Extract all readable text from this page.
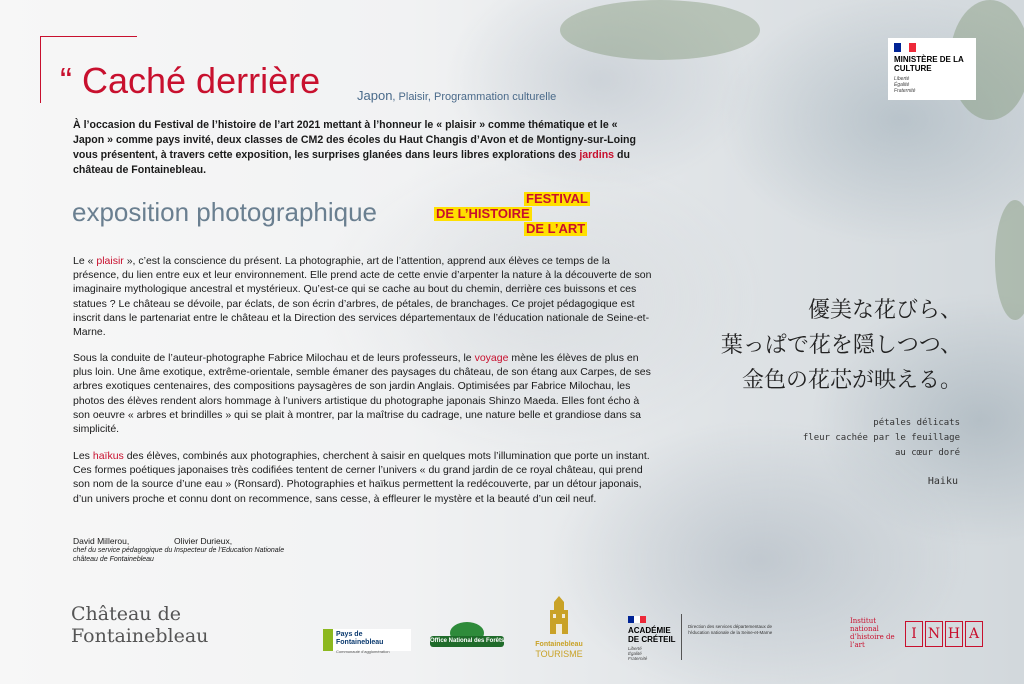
“ Caché derrière	Japon, Plaisir, Programmation culturelle
À l’occasion du Festival de l’histoire de l’art 2021 mettant à l’honneur le « plaisir » comme thématique et le « Japon » comme pays invité, deux classes de CM2 des écoles du Haut Changis d’Avon et de Montigny-sur-Loing vous présentent, à travers cette exposition, les surprises glanées dans leurs libres explorations des jardins du château de Fontainebleau.
exposition photographique	FESTIVAL
DE L’HISTOIRE
DE L’ART

Le « plaisir », c’est la conscience du présent. La photographie, art de l’attention, apprend aux élèves ce temps de la présence, du lien entre eux et leur environnement. Elle prend acte de cette envie d’arpenter la nature à la découverte de son imaginaire mythologique ancestral et mystérieux. Qu’est-ce qui se cache au bout du chemin, derrière ces buissons et ces statues ? Le château se dévoile, par éclats, de son écrin d’arbres, de pétales, de branchages. Ce projet pédagogique est inscrit dans le partenariat entre le château et la Direction des services départementaux de l’éducation nationale de Seine-et-Marne.

Sous la conduite de l’auteur-photographe Fabrice Milochau et de leurs professeurs, le voyage mène les élèves de plus en plus loin. Une âme exotique, extrême-orientale, semble émaner des paysages du château, de son étang aux Carpes, de ses arbres exotiques centenaires, des compositions paysagères de son jardin Anglais. Optimisées par Fabrice Milochau, les photos des élèves rendent alors hommage à l’univers artistique du photographe japonais Shinzo Maeda. Elles font écho à son oeuvre « arbres et brindilles » qui se plait à montrer, par la maîtrise du cadrage, une nature belle et grandiose dans sa simplicité.

Les haïkus des élèves, combinés aux photographies, cherchent à saisir en quelques mots l’illumination que porte un instant. Ces formes poétiques japonaises très codifiées tentent de cerner l’univers « du grand jardin de ce royal château, qui prend son nom de la source d’une eau » (Ronsard). Photographies et haïkus permettent la redécouverte, par un détour japonais, d’un univers proche et connu dont on recommence, sans cesse, à effleurer le mystère et la beauté d’un œil neuf.

David Millerou,
chef du service pédagogique du château de Fontainebleau
Olivier Durieux,
Inspecteur de l’Education Nationale
優美な花びら、
葉っぱで花を隠しつつ、
金色の花芯が映える。
pétales délicats
fleur cachée par le feuillage
au cœur doré
Haiku
MINISTÈRE DE LA CULTURE
Liberté Égalité Fraternité
Château de Fontainebleau	Pays de Fontainebleau
Communauté d’agglomération
Office National des Forêts	Fontainebleau
TOURISME
ACADÉMIE DE CRÉTEIL
Liberté Égalité Fraternité
Direction des services départementaux de l’éducation nationale de la Seine-et-Marne
Institut national d’histoire de l’art
I N H A
